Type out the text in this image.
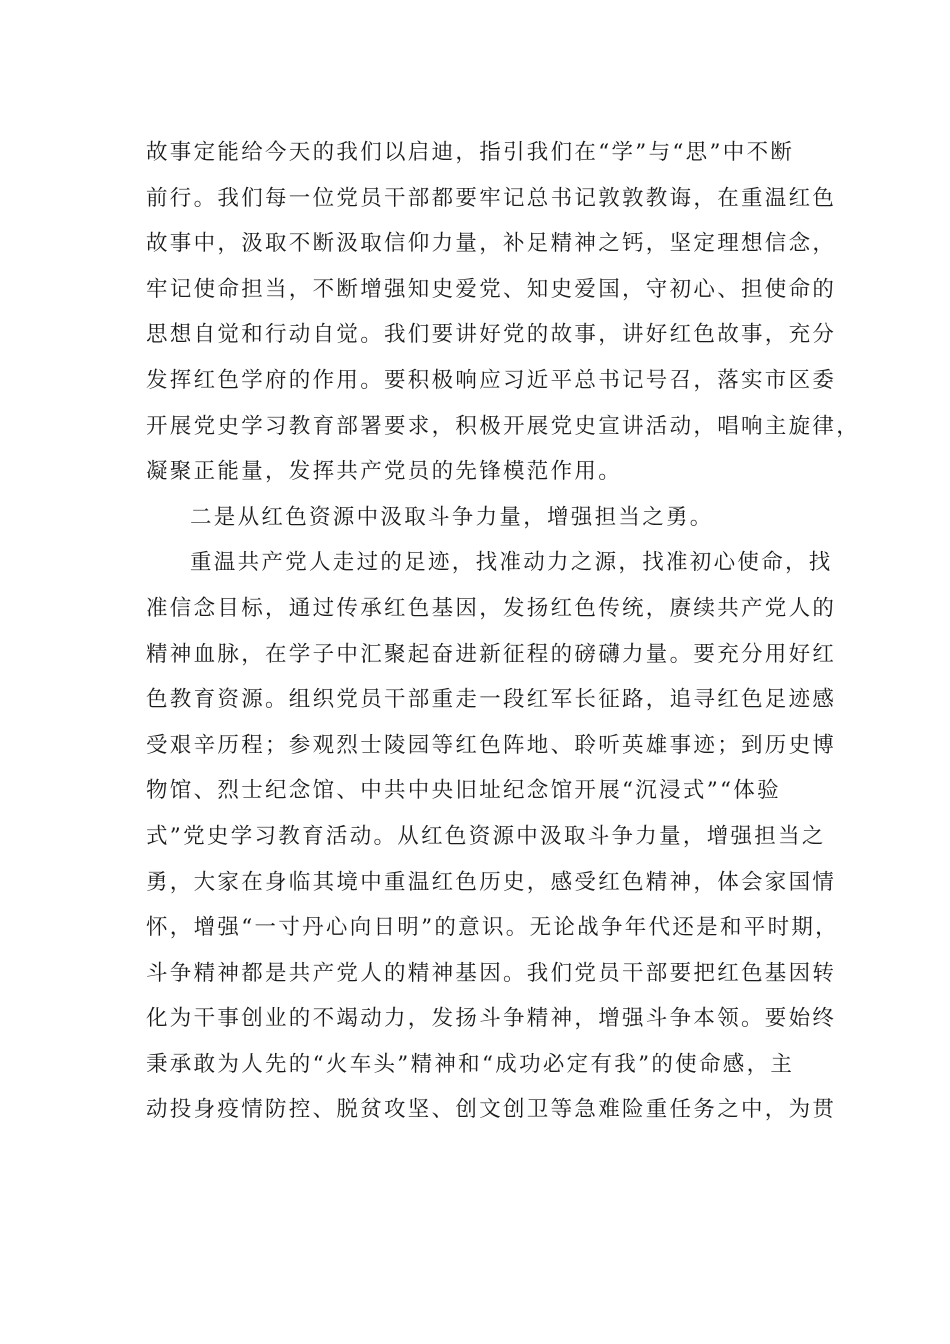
故事定能给今天的我们以启迪，指引我们在“学”与“思”中不断
前行。我们每一位党员干部都要牢记总书记敦敦教诲，在重温红色
故事中，汲取不断汲取信仰力量，补足精神之钙，坚定理想信念，
牢记使命担当，不断增强知史爱党、知史爱国，守初心、担使命的
思想自觉和行动自觉。我们要讲好党的故事，讲好红色故事，充分
发挥红色学府的作用。要积极响应习近平总书记号召，落实市区委
开展党史学习教育部署要求，积极开展党史宣讲活动，唱响主旋律，
凝聚正能量，发挥共产党员的先锋模范作用。
二是从红色资源中汲取斗争力量，增强担当之勇。
重温共产党人走过的足迹，找准动力之源，找准初心使命，找
准信念目标，通过传承红色基因，发扬红色传统，赓续共产党人的
精神血脉，在学子中汇聚起奋进新征程的磅礴力量。要充分用好红
色教育资源。组织党员干部重走一段红军长征路，追寻红色足迹感
受艰辛历程；参观烈士陵园等红色阵地、聆听英雄事迹；到历史博
物馆、烈士纪念馆、中共中央旧址纪念馆开展“沉浸式”“体验
式”党史学习教育活动。从红色资源中汲取斗争力量，增强担当之
勇，大家在身临其境中重温红色历史，感受红色精神，体会家国情
怀，增强“一寸丹心向日明”的意识。无论战争年代还是和平时期，
斗争精神都是共产党人的精神基因。我们党员干部要把红色基因转
化为干事创业的不竭动力，发扬斗争精神，增强斗争本领。要始终
秉承敢为人先的“火车头”精神和“成功必定有我”的使命感，主
动投身疫情防控、脱贫攻坚、创文创卫等急难险重任务之中，为贯
